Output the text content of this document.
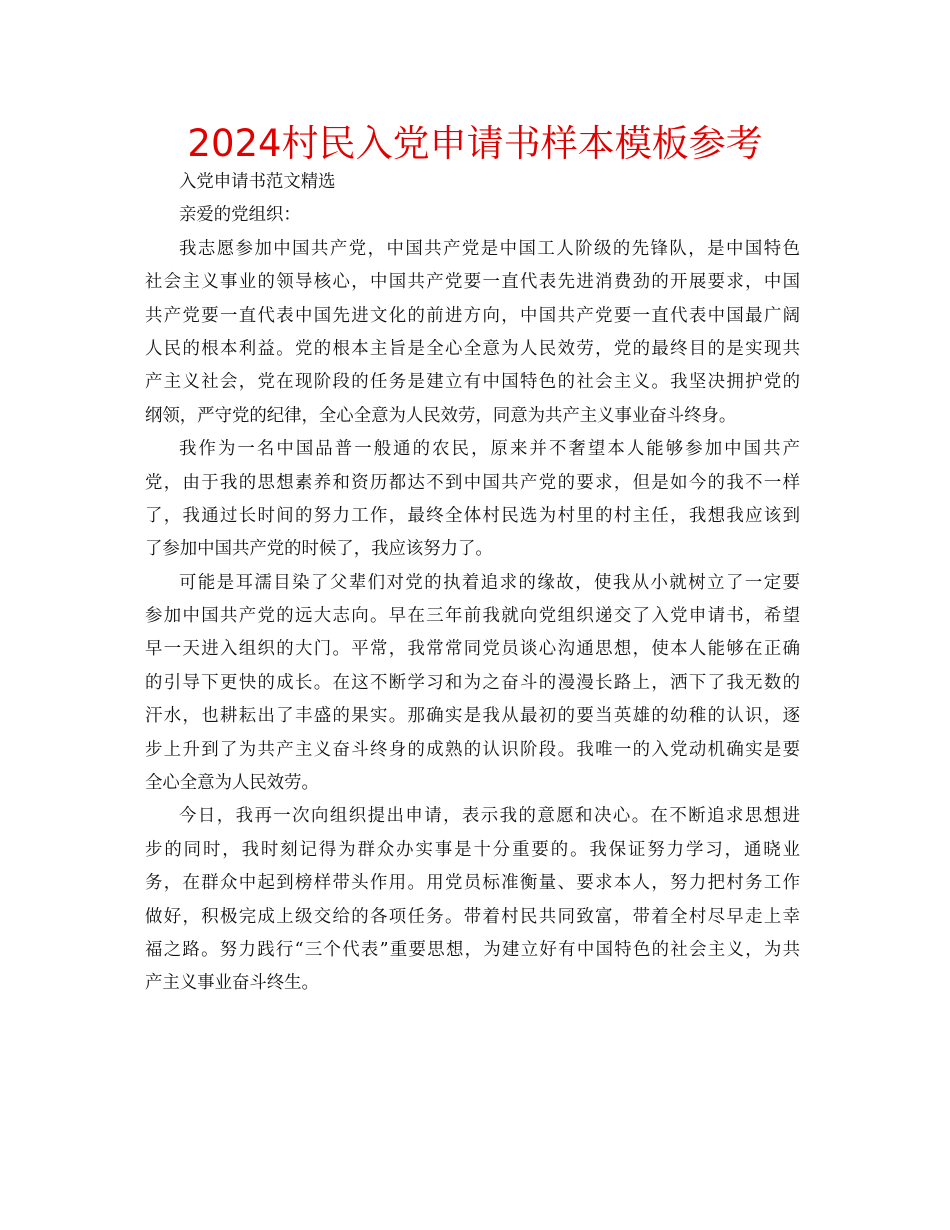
2024村民入党申请书样本模板参考
入党申请书范文精选
亲爱的党组织：
我志愿参加中国共产党，中国共产党是中国工人阶级的先锋队，是中国特色
社会主义事业的领导核心，中国共产党要一直代表先进消费劲的开展要求，中国
共产党要一直代表中国先进文化的前进方向，中国共产党要一直代表中国最广阔
人民的根本利益。党的根本主旨是全心全意为人民效劳，党的最终目的是实现共
产主义社会，党在现阶段的任务是建立有中国特色的社会主义。我坚决拥护党的
纲领，严守党的纪律，全心全意为人民效劳，同意为共产主义事业奋斗终身。
我作为一名中国品普一般通的农民，原来并不奢望本人能够参加中国共产
党，由于我的思想素养和资历都达不到中国共产党的要求，但是如今的我不一样
了，我通过长时间的努力工作，最终全体村民选为村里的村主任，我想我应该到
了参加中国共产党的时候了，我应该努力了。
可能是耳濡目染了父辈们对党的执着追求的缘故，使我从小就树立了一定要
参加中国共产党的远大志向。早在三年前我就向党组织递交了入党申请书，希望
早一天进入组织的大门。平常，我常常同党员谈心沟通思想，使本人能够在正确
的引导下更快的成长。在这不断学习和为之奋斗的漫漫长路上，洒下了我无数的
汗水，也耕耘出了丰盛的果实。那确实是我从最初的要当英雄的幼稚的认识，逐
步上升到了为共产主义奋斗终身的成熟的认识阶段。我唯一的入党动机确实是要
全心全意为人民效劳。
今日，我再一次向组织提出申请，表示我的意愿和决心。在不断追求思想进
步的同时，我时刻记得为群众办实事是十分重要的。我保证努力学习，通晓业
务，在群众中起到榜样带头作用。用党员标准衡量、要求本人，努力把村务工作
做好，积极完成上级交给的各项任务。带着村民共同致富，带着全村尽早走上幸
福之路。努力践行“三个代表”重要思想，为建立好有中国特色的社会主义，为共
产主义事业奋斗终生。
